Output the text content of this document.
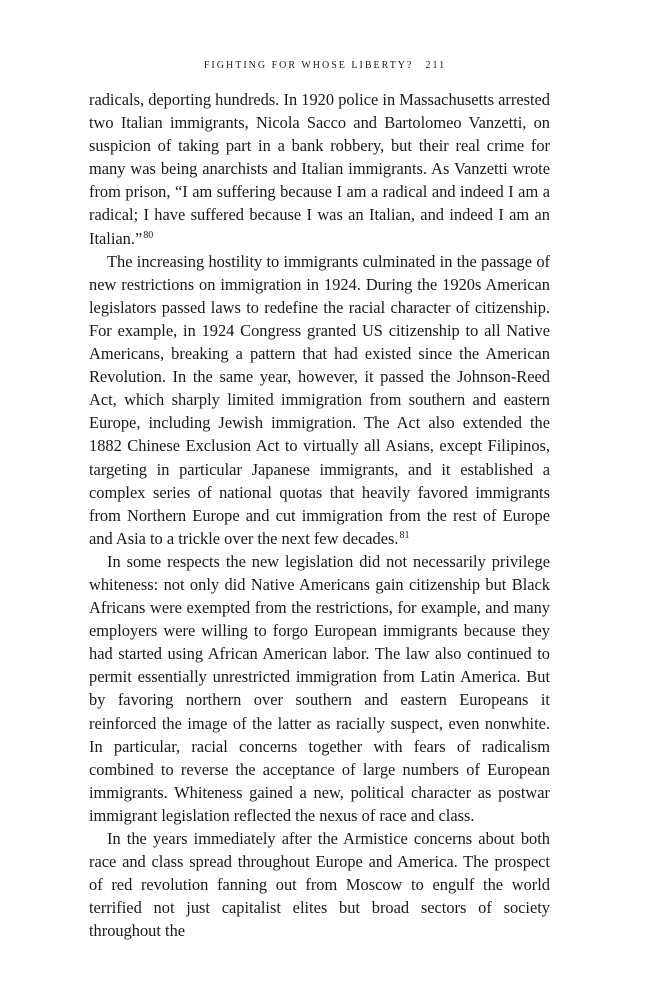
FIGHTING FOR WHOSE LIBERTY? 211

radicals, deporting hundreds. In 1920 police in Massachusetts arrested two Italian immigrants, Nicola Sacco and Bartolomeo Vanzetti, on suspicion of taking part in a bank robbery, but their real crime for many was being anarchists and Italian immigrants. As Vanzetti wrote from prison, “I am suffering because I am a radical and indeed I am a radical; I have suffered because I was an Italian, and indeed I am an Italian.”$^{80}$

The increasing hostility to immigrants culminated in the passage of new restrictions on immigration in 1924. During the 1920s American legislators passed laws to redefine the racial character of citizenship. For example, in 1924 Congress granted US citizenship to all Native Americans, breaking a pattern that had existed since the American Revolution. In the same year, however, it passed the Johnson-Reed Act, which sharply limited immigration from southern and eastern Europe, including Jewish immigration. The Act also extended the 1882 Chinese Exclusion Act to virtually all Asians, except Filipinos, targeting in particular Japanese immigrants, and it established a complex series of national quotas that heavily favored immigrants from Northern Europe and cut immigration from the rest of Europe and Asia to a trickle over the next few decades.$^{81}$

In some respects the new legislation did not necessarily privilege whiteness: not only did Native Americans gain citizenship but Black Africans were exempted from the restrictions, for example, and many employers were willing to forgo European immigrants because they had started using African American labor. The law also continued to permit essentially unrestricted immigration from Latin America. But by favoring northern over southern and eastern Europeans it reinforced the image of the latter as racially suspect, even nonwhite. In particular, racial concerns together with fears of radicalism combined to reverse the acceptance of large numbers of European immigrants. Whiteness gained a new, political character as postwar immigrant legislation reflected the nexus of race and class.

In the years immediately after the Armistice concerns about both race and class spread throughout Europe and America. The prospect of red revolution fanning out from Moscow to engulf the world terrified not just capitalist elites but broad sectors of society throughout the
